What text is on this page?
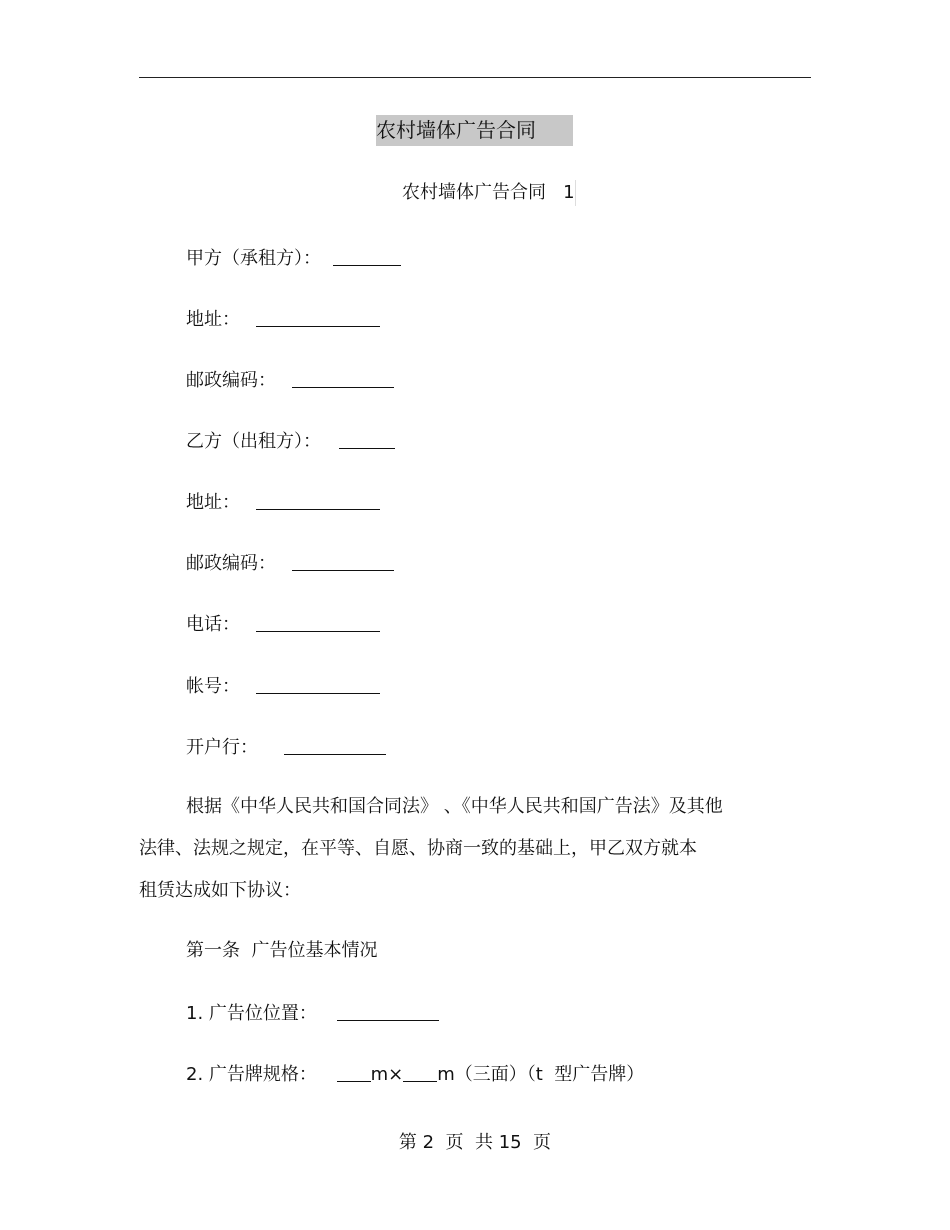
农村墙体广告合同
农村墙体广告合同   1
甲方（承租方）：
地址：
邮政编码：
乙方（出租方）：
地址：
邮政编码：
电话：
帐号：
开户行：
根据《中华人民共和国合同法》 、《中华人民共和国广告法》及其他
法律、法规之规定，在平等、自愿、协商一致的基础上，甲乙双方就本
租赁达成如下协议：
第一条  广告位基本情况
1. 广告位位置：
2. 广告牌规格：	m× m（三面）（t  型广告牌）
第 2  页  共 15  页
